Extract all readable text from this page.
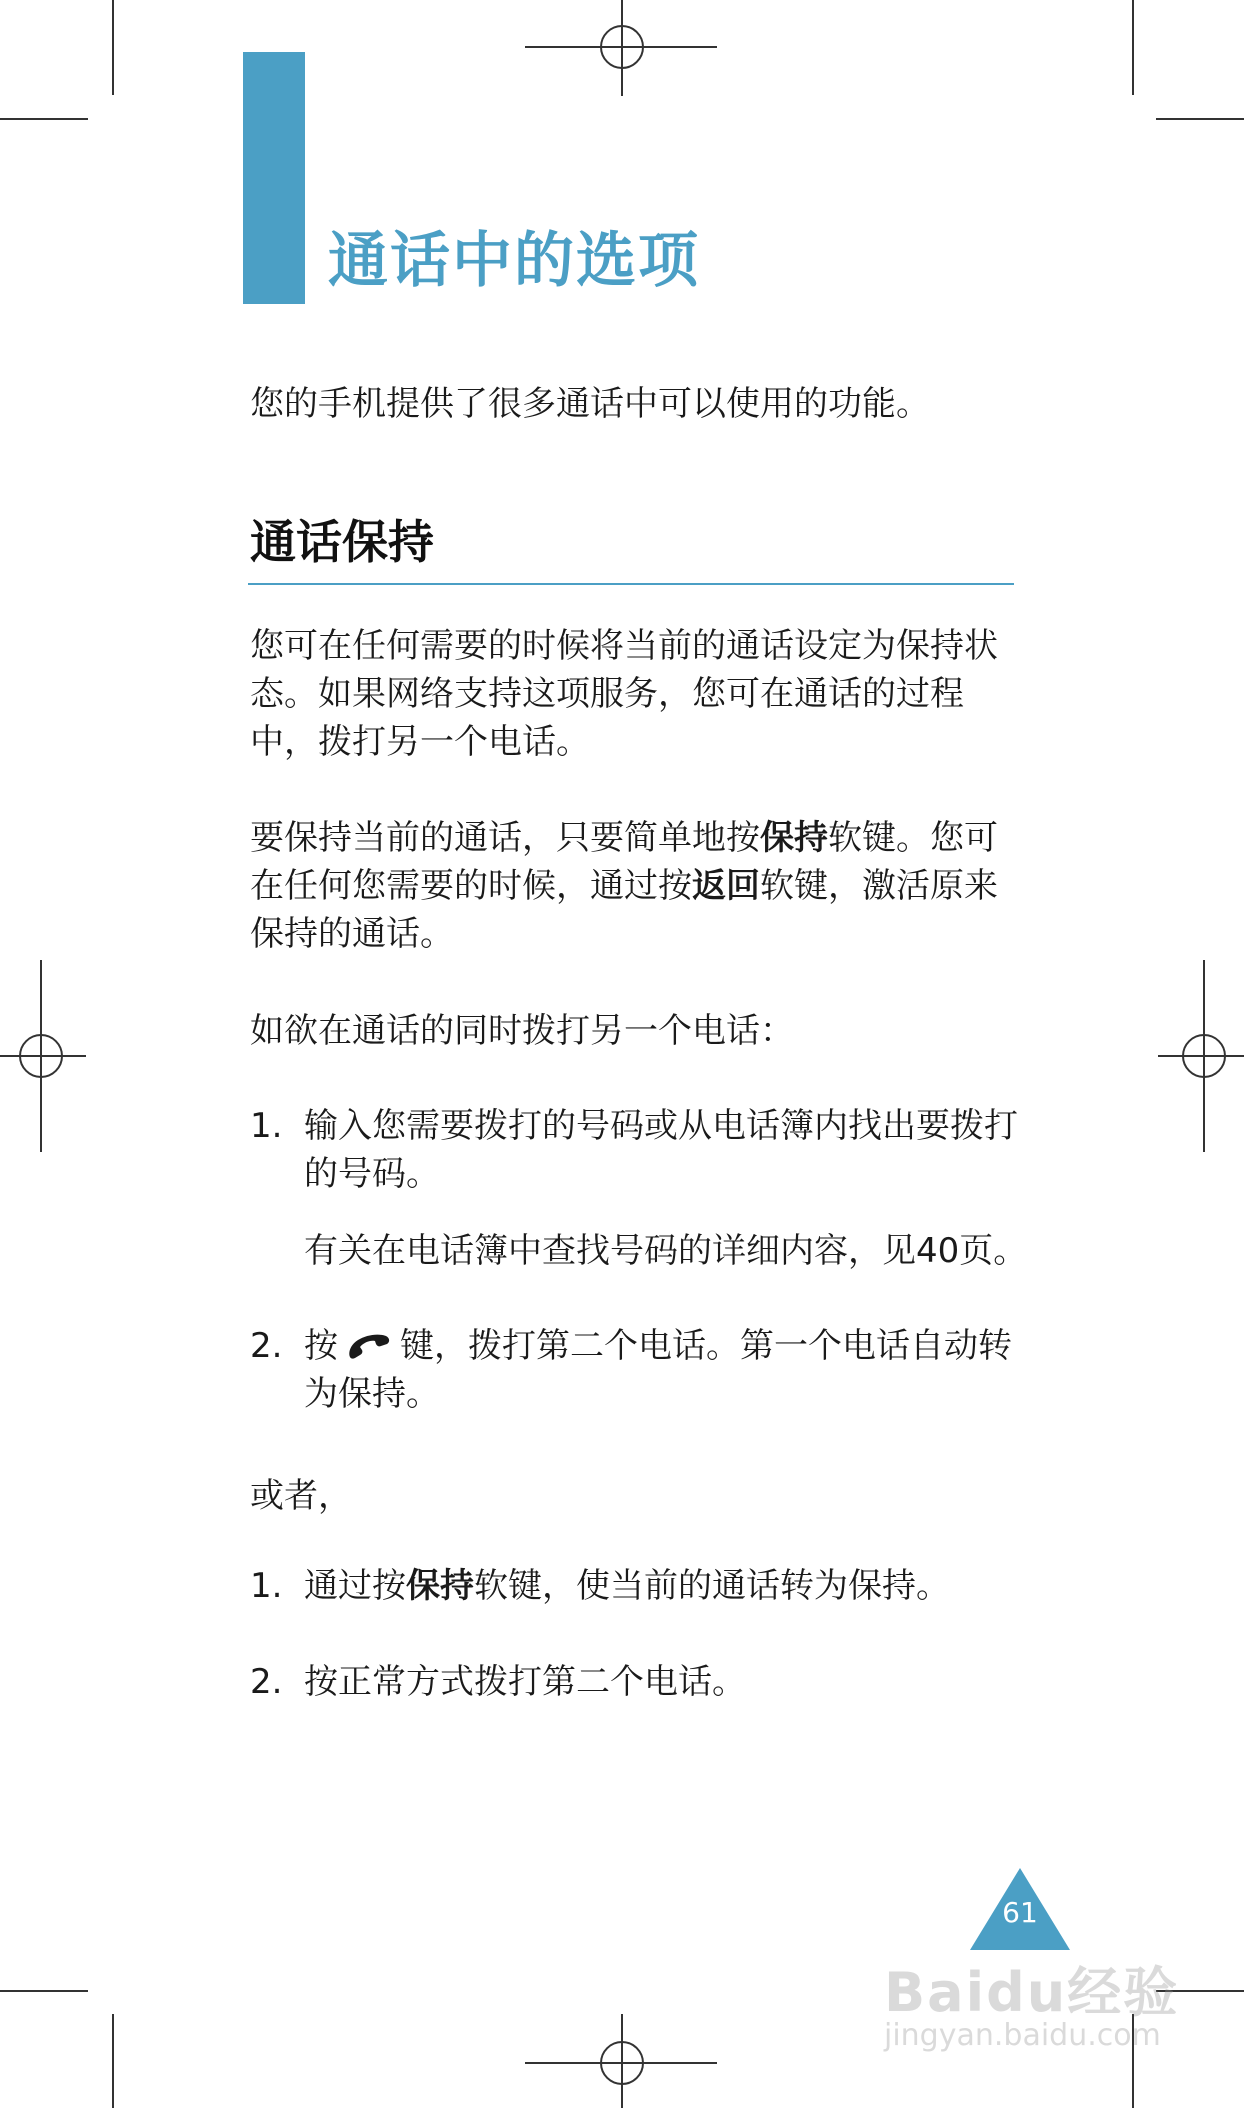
通话中的选项

您的手机提供了很多通话中可以使用的功能。

通话保持

您可在任何需要的时候将当前的通话设定为保持状态。如果网络支持这项服务，您可在通话的过程中，拨打另一个电话。

要保持当前的通话，只要简单地按保持软键。您可在任何您需要的时候，通过按返回软键，激活原来保持的通话。

如欲在通话的同时拨打另一个电话：

1. 输入您需要拨打的号码或从电话簿内找出要拨打的号码。
有关在电话簿中查找号码的详细内容，见40页。
2. 按 键，拨打第二个电话。第一个电话自动转为保持。

或者，

1. 通过按保持软键，使当前的通话转为保持。
2. 按正常方式拨打第二个电话。
61
Baidu经验
jingyan.baidu.com
